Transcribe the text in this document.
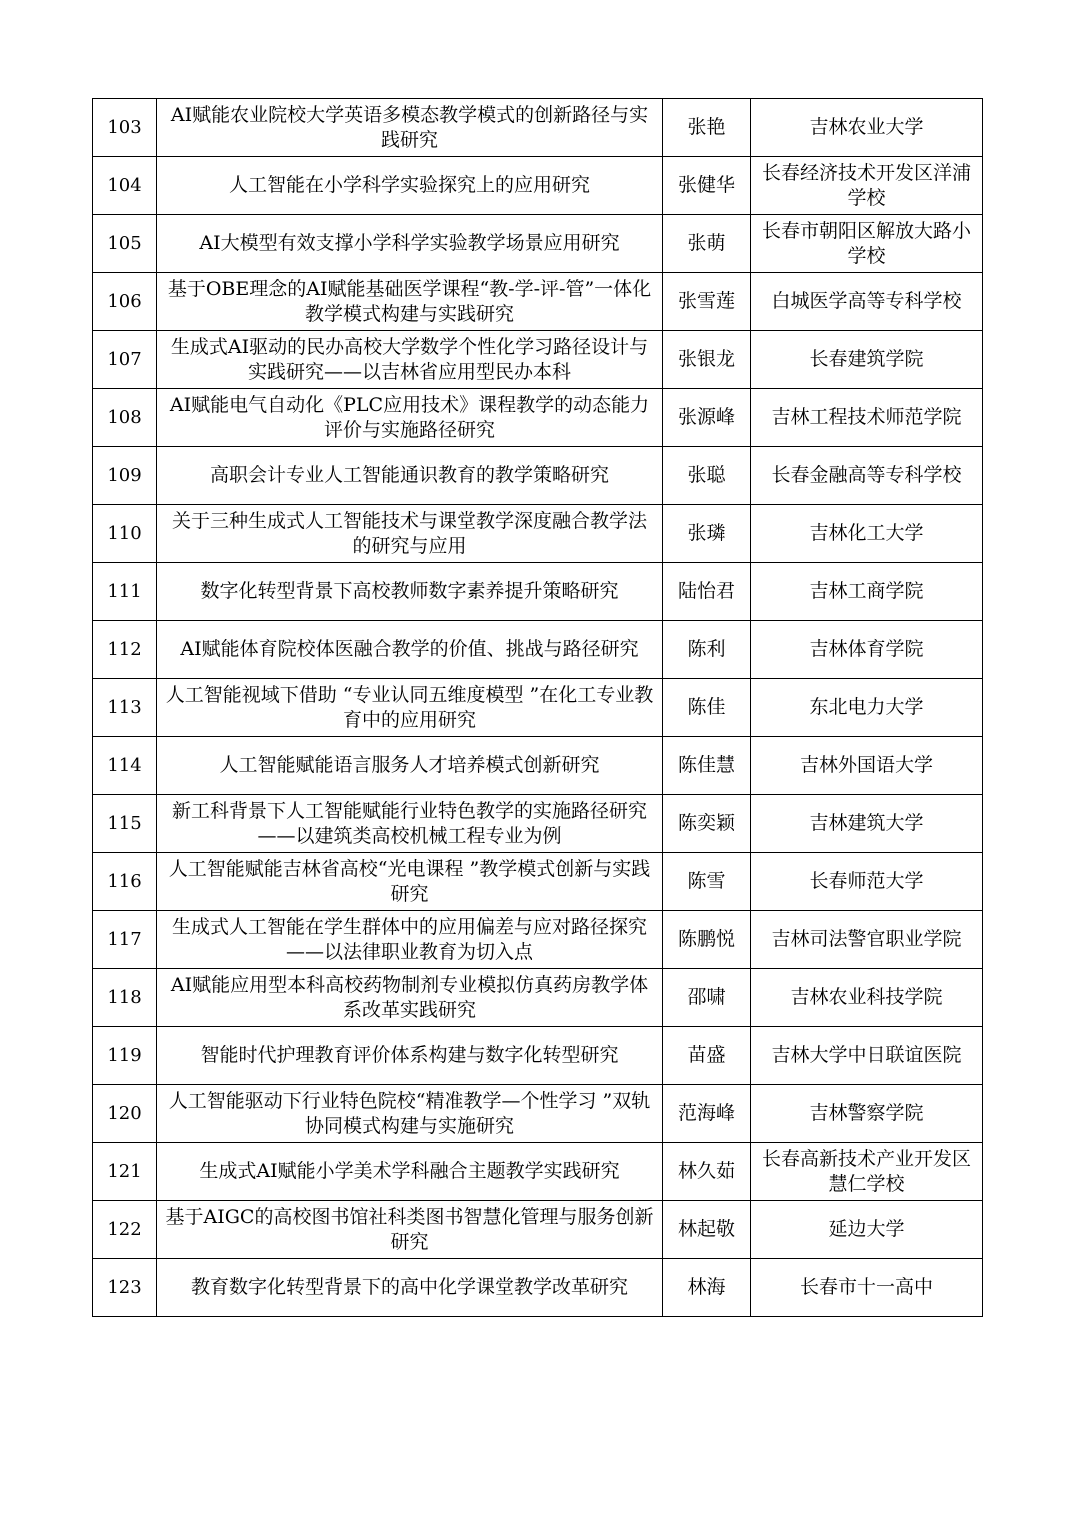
103	AI赋能农业院校大学英语多模态教学模式的创新路径与实践研究	张艳	吉林农业大学

104	人工智能在小学科学实验探究上的应用研究	张健华	长春经济技术开发区洋浦学校

105	AI大模型有效支撑小学科学实验教学场景应用研究	张萌	长春市朝阳区解放大路小学校

106	基于OBE理念的AI赋能基础医学课程“教-学-评-管”一体化教学模式构建与实践研究	张雪莲	白城医学高等专科学校

107	生成式AI驱动的民办高校大学数学个性化学习路径设计与实践研究——以吉林省应用型民办本科	张银龙	长春建筑学院

108	AI赋能电气自动化《PLC应用技术》课程教学的动态能力评价与实施路径研究	张源峰	吉林工程技术师范学院

109	高职会计专业人工智能通识教育的教学策略研究	张聪	长春金融高等专科学校

110	关于三种生成式人工智能技术与课堂教学深度融合教学法的研究与应用	张璘	吉林化工大学

111	数字化转型背景下高校教师数字素养提升策略研究	陆怡君	吉林工商学院

112	AI赋能体育院校体医融合教学的价值、挑战与路径研究	陈利	吉林体育学院

113	人工智能视域下借助 “专业认同五维度模型 ”在化工专业教育中的应用研究	陈佳	东北电力大学

114	人工智能赋能语言服务人才培养模式创新研究	陈佳慧	吉林外国语大学

115	新工科背景下人工智能赋能行业特色教学的实施路径研究——以建筑类高校机械工程专业为例	陈奕颖	吉林建筑大学

116	人工智能赋能吉林省高校“光电课程 ”教学模式创新与实践研究	陈雪	长春师范大学

117	生成式人工智能在学生群体中的应用偏差与应对路径探究 ——以法律职业教育为切入点	陈鹏悦	吉林司法警官职业学院

118	AI赋能应用型本科高校药物制剂专业模拟仿真药房教学体系改革实践研究	邵啸	吉林农业科技学院

119	智能时代护理教育评价体系构建与数字化转型研究	苗盛	吉林大学中日联谊医院

120	人工智能驱动下行业特色院校“精准教学—个性学习 ”双轨协同模式构建与实施研究	范海峰	吉林警察学院

121	生成式AI赋能小学美术学科融合主题教学实践研究	林久茹	长春高新技术产业开发区慧仁学校

122	基于AIGC的高校图书馆社科类图书智慧化管理与服务创新研究	林起敬	延边大学

123	教育数字化转型背景下的高中化学课堂教学改革研究	林海	长春市十一高中
